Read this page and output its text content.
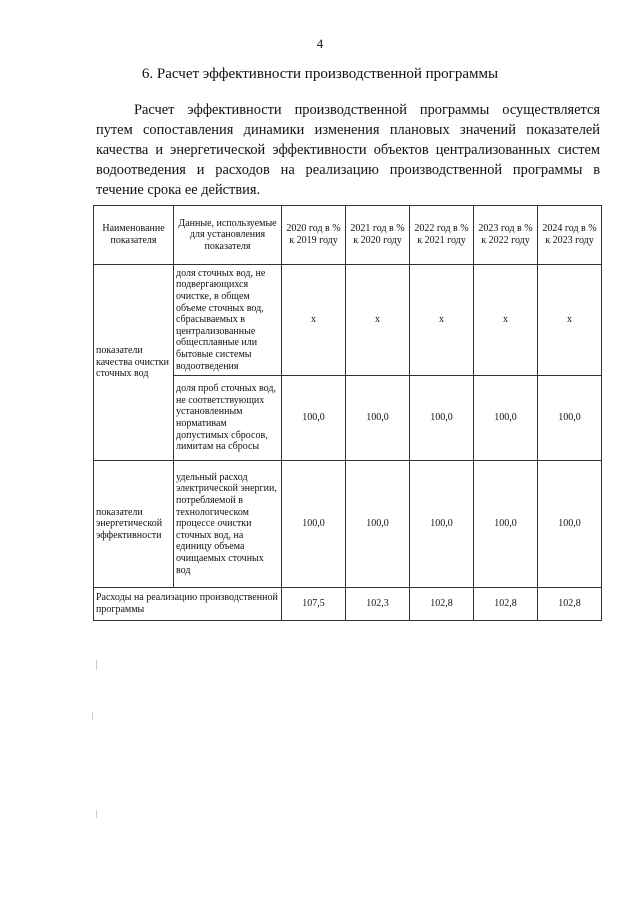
4
6. Расчет эффективности производственной программы

Расчет эффективности производственной программы осуществляется путем сопоставления динамики изменения плановых значений показателей качества и энергетической эффективности объектов централизованных систем водоотведения и расходов на реализацию производственной программы в течение срока ее действия.

Наименование показателя	Данные, используемые для установления показателя	2020 год в % к 2019 году	2021 год в % к 2020 году	2022 год в % к 2021 году	2023 год в % к 2022 году	2024 год в % к 2023 году
показатели качества очистки сточных вод	доля сточных вод, не подвергающихся очистке, в общем объеме сточных вод, сбрасываемых в централизованные общесплавные или бытовые системы водоотведения	х	х	х	х	х
	доля проб сточных вод, не соответствующих установленным нормативам допустимых сбросов, лимитам на сбросы	100,0	100,0	100,0	100,0	100,0
показатели энергетической эффективности	удельный расход электрической энергии, потребляемой в технологическом процессе очистки сточных вод, на единицу объема очищаемых сточных вод	100,0	100,0	100,0	100,0	100,0
Расходы на реализацию производственной программы		107,5	102,3	102,8	102,8	102,8
